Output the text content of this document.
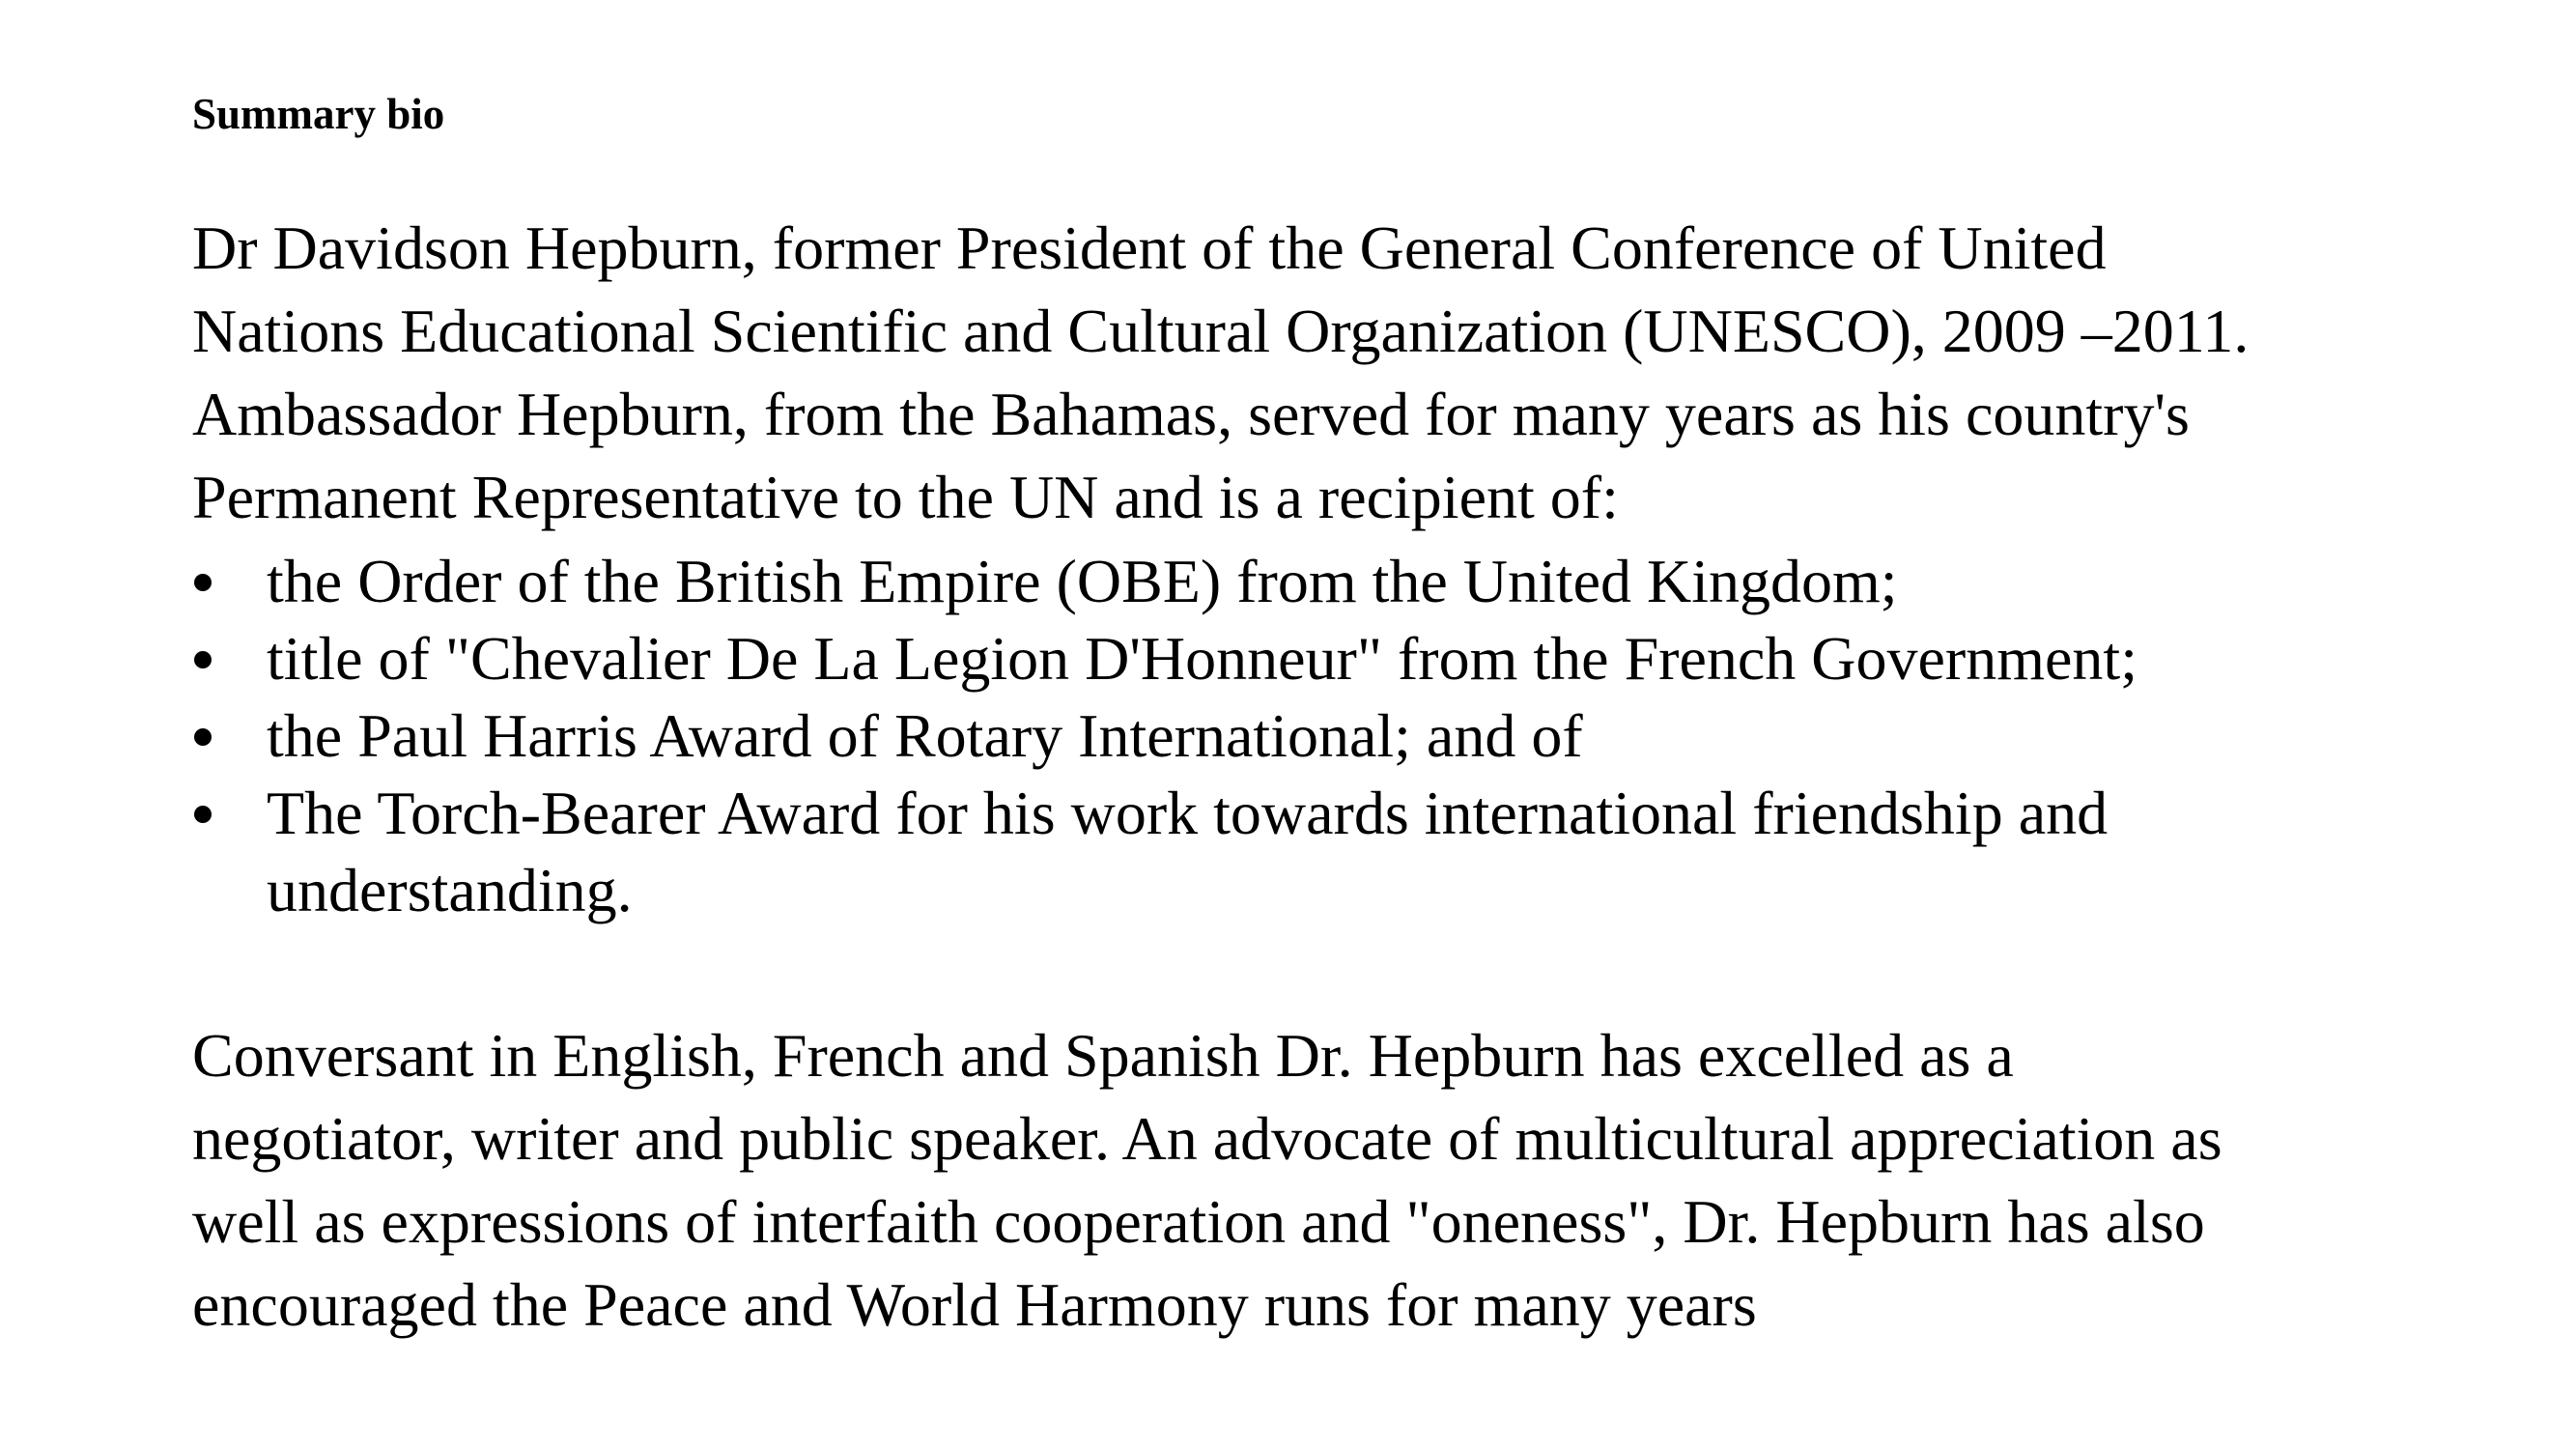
Summary bio

Dr Davidson Hepburn, former President of the General Conference of United
Nations Educational Scientific and Cultural Organization (UNESCO), 2009 –2011.
Ambassador Hepburn, from the Bahamas, served for many years as his country's
Permanent Representative to the UN and is a recipient of:

the Order of the British Empire (OBE) from the United Kingdom;
title of "Chevalier De La Legion D'Honneur" from the French Government;
the Paul Harris Award of Rotary International; and of
The Torch-Bearer Award for his work towards international friendship and
understanding.

Conversant in English, French and Spanish Dr. Hepburn has excelled as a
negotiator, writer and public speaker. An advocate of multicultural appreciation as
well as expressions of interfaith cooperation and "oneness", Dr. Hepburn has also
encouraged the Peace and World Harmony runs for many years
